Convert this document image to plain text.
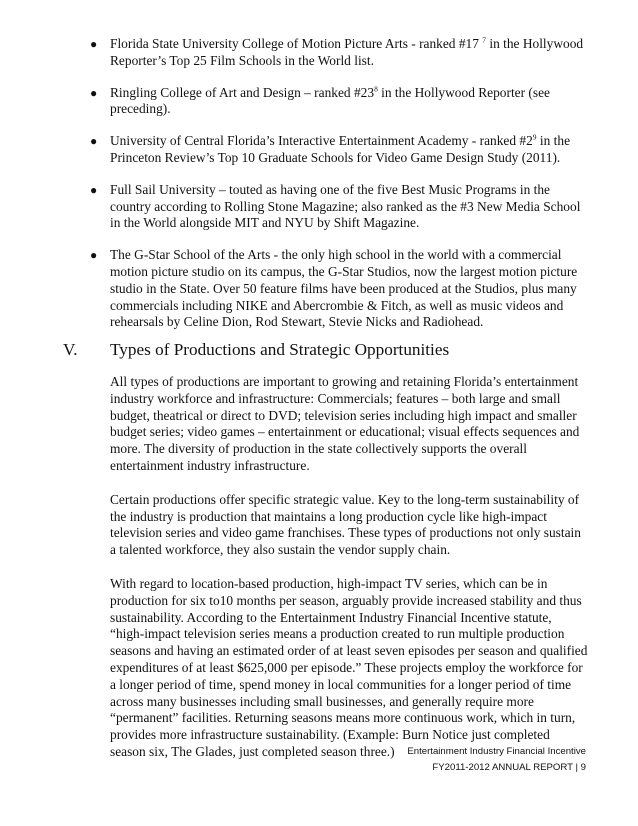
● Florida State University College of Motion Picture Arts - ranked #17 $^7$ in the Hollywood Reporter’s Top 25 Film Schools in the World list.
● Ringling College of Art and Design – ranked $\#23^8$ in the Hollywood Reporter (see preceding).
● University of Central Florida’s Interactive Entertainment Academy - ranked $\#2^9$ in the Princeton Review’s Top 10 Graduate Schools for Video Game Design Study (2011).
● Full Sail University – touted as having one of the five Best Music Programs in the country according to Rolling Stone Magazine; also ranked as the #3 New Media School in the World alongside MIT and NYU by Shift Magazine.
● The G-Star School of the Arts - the only high school in the world with a commercial motion picture studio on its campus, the G-Star Studios, now the largest motion picture studio in the State. Over 50 feature films have been produced at the Studios, plus many commercials including NIKE and Abercrombie & Fitch, as well as music videos and rehearsals by Celine Dion, Rod Stewart, Stevie Nicks and Radiohead.
V. Types of Productions and Strategic Opportunities

All types of productions are important to growing and retaining Florida’s entertainment industry workforce and infrastructure: Commercials; features – both large and small budget, theatrical or direct to DVD; television series including high impact and smaller budget series; video games – entertainment or educational; visual effects sequences and more. The diversity of production in the state collectively supports the overall entertainment industry infrastructure.

Certain productions offer specific strategic value. Key to the long-term sustainability of the industry is production that maintains a long production cycle like high-impact television series and video game franchises. These types of productions not only sustain a talented workforce, they also sustain the vendor supply chain.

With regard to location-based production, high-impact TV series, which can be in production for six to10 months per season, arguably provide increased stability and thus sustainability. According to the Entertainment Industry Financial Incentive statute, “high-impact television series means a production created to run multiple production seasons and having an estimated order of at least seven episodes per season and qualified expenditures of at least $625,000 per episode.” These projects employ the workforce for a longer period of time, spend money in local communities for a longer period of time across many businesses including small businesses, and generally require more “permanent” facilities. Returning seasons means more continuous work, which in turn, provides more infrastructure sustainability. (Example: Burn Notice just completed season six, The Glades, just completed season three.)	Entertainment Industry Financial Incentive
FY2011-2012 ANNUAL REPORT | 9
